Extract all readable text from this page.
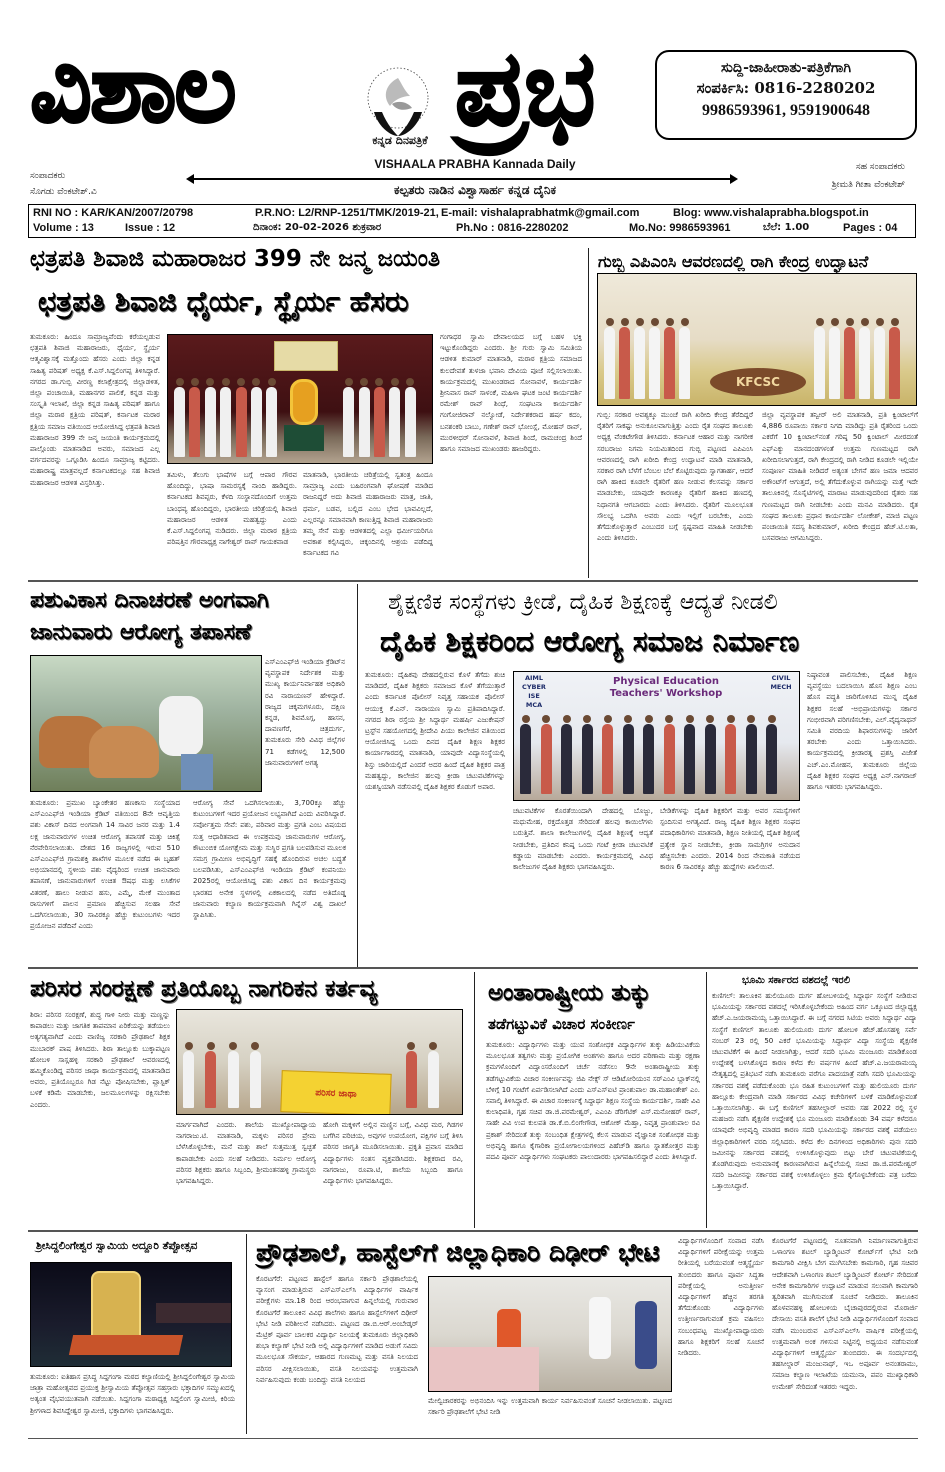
ವಿಶಾಲ	ಕನ್ನಡ ದಿನಪತ್ರಿಕೆ ಪ್ರಭ	ಸುದ್ದಿ-ಜಾಹೀರಾತು-ಪತ್ರಿಕೆಗಾಗಿ
ಸಂಪರ್ಕಿಸಿ: 0816-2280202
9986593961, 9591900648
VISHAALA PRABHA Kannada Daily
ಕಲ್ಪತರು ನಾಡಿನ ವಿಶ್ವಾಸಾರ್ಹ ಕನ್ನಡ ದೈನಿಕ
ಸಂಪಾದಕರು
ಸೊಗಡು ವೆಂಕಟೇಶ್.ವಿ
ಸಹ ಸಂಪಾದಕರು
ಶ್ರೀಮತಿ ಗೀತಾ ವೆಂಕಟೇಶ್
RNI NO : KAR/KAN/2007/20798	P.R.NO: L2/RNP-1251/TMK/2019-21, E-mail: vishalaprabhatmk@gmail.com	Blog: www.vishalaprabha.blogspot.in
Volume : 13	Issue : 12	ದಿನಾಂಕ: 20-02-2026 ಶುಕ್ರವಾರ	Ph.No : 0816-2280202	Mo.No: 9986593961	ಬೆಲೆ: 1.00	Pages : 04
ಛತ್ರಪತಿ ಶಿವಾಜಿ ಮಹಾರಾಜರ 399 ನೇ ಜನ್ಮ ಜಯಂತಿ
ಛತ್ರಪತಿ ಶಿವಾಜಿ ಧೈರ್ಯ, ಸ್ಥೈರ್ಯ ಹೆಸರು
ತುಮಕೂರು: ಹಿಂದೂ ಸಾಮ್ರಾಜ್ಯವೆಂದು ಕರೆಯಲ್ಪಡುವ ಛತ್ರಪತಿ ಶಿವಾಜಿ ಮಹಾರಾಜರು, ಧೈರ್ಯ, ಸ್ಥೈರ್ಯ ಆತ್ಮವಿಶ್ವಾಸಕ್ಕೆ ಮತ್ತೊಂದು ಹೆಸರು ಎಂದು ಜಿಲ್ಲಾ ಕನ್ನಡ ಸಾಹಿತ್ಯ ಪರಿಷತ್ ಅಧ್ಯಕ್ಷ ಕೆ.ಎಸ್.ಸಿದ್ದಲಿಂಗಪ್ಪ ತಿಳಿಸಿದ್ದಾರೆ. ನಗರದ ಡಾ.ಗುಬ್ಬಿ ವೀರಣ್ಣ ಕಲಾಕ್ಷೇತ್ರದಲ್ಲಿ ಜಿಲ್ಲಾಡಳಿತ, ಜಿಲ್ಲಾ ಪಂಚಾಯಿತಿ, ಮಹಾನಗರ ಪಾಲಿಕೆ, ಕನ್ನಡ ಮತ್ತು ಸಂಸ್ಕೃತಿ ಇಲಾಖೆ, ಜಿಲ್ಲಾ ಕನ್ನಡ ಸಾಹಿತ್ಯ ಪರಿಷತ್ ಹಾಗೂ ಜಿಲ್ಲಾ ಮರಾಠ ಕ್ಷತ್ರಿಯ ಪರಿಷತ್, ಕರ್ನಾಟಕ ಮರಾಠ ಕ್ಷತ್ರಿಯ ಸಮಾಜ ವತಿಯಿಂದ ಆಯೋಜಿಸಿದ್ದ ಛತ್ರಪತಿ ಶಿವಾಜಿ ಮಹಾರಾಜರ 399 ನೇ ಜನ್ಮ ಜಯಂತಿ ಕಾರ್ಯಕ್ರಮದಲ್ಲಿ ಪಾಲ್ಗೊಂಡು ಮಾತನಾಡಿದ ಅವರು, ಸಮಾಜದ ಎಲ್ಲ ವರ್ಗದವರನ್ನು ಒಗ್ಗೂಡಿಸಿ ಹಿಂದೂ ಸಾಮ್ರಾಜ್ಯ ಕಟ್ಟಿದರು. ಮಹಾರಾಷ್ಟ್ರ ಮಾತ್ರವಲ್ಲದೆ ಕರ್ನಾಟಕದಲ್ಲೂ ಸಹ ಶಿವಾಜಿ ಮಹಾರಾಜರ ಆಡಳಿತ ವಿಸ್ತರಿಸಿತ್ತು.
ತಮಿಳು, ತೆಲುಗು ಭಾಷೆಗಳ ಬಗ್ಗೆ ಆಪಾರ ಗೌರವ ಹೊಂದಿದ್ದು, ಭಾಷಾ ಸಾಮರಸ್ಯಕ್ಕೆ ನಾಂದಿ ಹಾಡಿದ್ದರು. ಕರ್ನಾಟಕದ ಶಿವಪ್ಪರು, ಕೆಳದಿ ಸಂಸ್ಥಾನದೊಂದಿಗೆ ಉತ್ತಮ ಬಾಂಧವ್ಯ ಹೊಂದಿದ್ದರು, ಭಾರತೀಯ ಚರಿತ್ರೆಯಲ್ಲಿ ಶಿವಾಜಿ ಮಹಾರಾಜರ ಆಡಳಿತ ಮಹತ್ವದ್ದು ಎಂದು ಕೆ.ಎಸ್.ಸಿದ್ದಲಿಂಗಪ್ಪ ನುಡಿದರು. ಜಿಲ್ಲಾ ಮರಾಠ ಕ್ಷತ್ರಿಯ ಪರಿಷತ್ತಿನ ಗೌರವಾಧ್ಯಕ್ಷ ನಾಗೇಶ್ವರ್ ರಾವ್ ಗಾಯಕವಾಡ
ಮಾತನಾಡಿ, ಭಾರತೀಯ ಚರಿತ್ರೆಯಲ್ಲಿ ಸ್ವತಂತ್ರ ಹಿಂದೂ ಸಾಮ್ರಾಜ್ಯ ಎಂದು ಬಹಿರಂಗವಾಗಿ ಘೋಷಣೆ ಮಾಡಿದ ರಾಜನಿದ್ದರೆ ಅದು ಶಿವಾಜಿ ಮಹಾರಾಜರು ಮಾತ್ರ, ಜಾತಿ, ಧರ್ಮ, ಬಡವ, ಬಲ್ಲಿದ ಎಂಬ ಭೇದ ಭಾವವಿಲ್ಲದೆ, ಎಲ್ಲರನ್ನೂ ಸಮಾನವಾಗಿ ಕಾಣುತ್ತಿದ್ದ ಶಿವಾಜಿ ಮಹಾರಾಜರು ತಮ್ಮ ಸೇನೆ ಮತ್ತು ಆಡಳಿತದಲ್ಲಿ ಎಲ್ಲಾ ಧರ್ಮೀಯರಿಗೂ ಅವಕಾಶ ಕಲ್ಪಿಸಿದ್ದರು, ಚಿಕ್ಕಂದಿನಲ್ಲಿ ಆಶ್ರಯ ಪಡೆದಿದ್ದ ಕರ್ನಾಟಕದ ಗವಿ
ಗಂಗಾಧರ ಸ್ವಾಮಿ ದೇವಾಲಯದ ಬಗ್ಗೆ ಬಹಳ ಭಕ್ತಿ ಇಟ್ಟುಕೊಂಡಿದ್ದರು ಎಂದರು. ಶ್ರೀ ಗುರು ಸ್ವಾಮಿ ಸಮಿತಿಯ ಆಡಳಿತ ಕುಮಾರ್ ಮಾತನಾಡಿ, ಮರಾಠ ಕ್ಷತ್ರಿಯ ಸಮಾಜದ ಕುಲದೇವತೆ ತುಳಜಾ ಭವಾನಿ ದೇವಿಯ ಪೂಜೆ ಸಲ್ಲಿಸಲಾಯಿತು. ಕಾರ್ಯಕ್ರಮದಲ್ಲಿ ಮುಖಂಡರಾದ ಸೋನಾವಳೆ, ಕಾರ್ಯದರ್ಶಿ ಶ್ರೀನಿವಾಸ ರಾವ್ ಸಾಳಂಕೆ, ಮಹಿಳಾ ಘಟಕ ಜಂಟಿ ಕಾರ್ಯದರ್ಶಿ ರಮೇಶ್ ರಾವ್ ಶಿಂಧೆ, ಸಂಘಟನಾ ಕಾರ್ಯದರ್ಶಿ ಗಂಗೋಜಿರಾವ್ ನಲ್ವೋಡೆ, ನಿರ್ದೇಶಕರಾದ ಹರ್ಷ ಕದಂ, ಬನಶಂಕರಿ ಬಾಬು, ಗಣೇಶ್ ರಾವ್ ಭೋಂಸ್ಲೆ, ಮೋಹನ್ ರಾವ್, ಮುರಳೀಧರ್ ಸೋನಾವಳೆ, ಶಿವಾಜಿ ಶಿಂದೆ, ರಾಮಚಂದ್ರ ಶಿಂದೆ ಹಾಗೂ ಸಮಾಜದ ಮುಖಂಡರು ಹಾಜರಿದ್ದರು.
ಗುಬ್ಬಿ ಎಪಿಎಂಸಿ ಆವರಣದಲ್ಲಿ ರಾಗಿ ಕೇಂದ್ರ ಉದ್ಘಾಟನೆ
KFCSC
ಗುಬ್ಬಿ: ಸರಕಾರ ಅವಶ್ಯಕ್ಕೂ ಮುಂಚೆ ರಾಗಿ ಖರೀದಿ ಕೇಂದ್ರ ತೆರೆದಿದ್ದರೆ ರೈತರಿಗೆ ಸಾಕಷ್ಟು ಅನುಕೂಲವಾಗುತ್ತಿತ್ತು ಎಂದು ರೈತ ಸಂಘದ ತಾಲೂಕು ಅಧ್ಯಕ್ಷ ವೆಂಕಟೇಗೌಡ ತಿಳಿಸಿದರು. ಕರ್ನಾಟಕ ಆಹಾರ ಮತ್ತು ನಾಗರೀಕ ಸರಬರಾಜು ನಿಗಮ ನಿಯಮಿತದಿಂದ ಗುಬ್ಬಿ ಪಟ್ಟಣದ ಎಪಿಎಂಸಿ ಆವರಣದಲ್ಲಿ ರಾಗಿ ಖರೀದಿ ಕೇಂದ್ರ ಉದ್ಘಾಟನೆ ಮಾಡಿ ಮಾತನಾಡಿ, ಸರಕಾರ ರಾಗಿ ಬೆಳೆಗೆ ಬೆಂಬಲ ಬೆಲೆ ಕೊಟ್ಟಿರುವುದು ಸ್ವಾಗತಾರ್ಹ, ಆದರೆ ರಾಗಿ ಹಾಕಿದ ಕೂಡಲೇ ರೈತರಿಗೆ ಹಣ ನೀಡುವ ಕೆಲಸವನ್ನು ಸರ್ಕಾರ ಮಾಡಬೇಕು, ಯಾವುದೇ ಕಾರಣಕ್ಕೂ ರೈತರಿಗೆ ಹಾಕಿದ ಹಣದಲ್ಲಿ ನಿಧಾನಗತಿ ಆಗಬಾರದು ಎಂದು ತಿಳಿಸಿದರು. ರೈತರಿಗೆ ಮೂಲಭೂತ ಸೌಲಭ್ಯ ಒದಗಿಸಿ ಅವರು ಎಂದು ಇಲ್ಲಿಗೆ ಬರಬೇಕು, ಎಂದು ತೆಗೆದುಕೊಳ್ಳುತ್ತಾರೆ ಎಂಬುದರ ಬಗ್ಗೆ ಸ್ಪಷ್ಟವಾದ ಮಾಹಿತಿ ನೀಡಬೇಕು ಎಂದು ತಿಳಿಸಿದರು.
ಜಿಲ್ಲಾ ವ್ಯವಸ್ಥಾಪಕ ತನ್ವೀರ್ ಅಲಿ ಮಾತನಾಡಿ, ಪ್ರತಿ ಕ್ವಿಂಟಾಲ್‌ಗೆ 4,886 ರೂಪಾಯಿ ಸರ್ಕಾರ ನಿಗದಿ ಮಾಡಿದ್ದು ಪ್ರತಿ ರೈತರಿಂದ ಒಂದು ಎಕರೆಗೆ 10 ಕ್ವಿಂಟಾಲ್‌ನಂತೆ ಗರಿಷ್ಠ 50 ಕ್ವಿಂಟಾಲ್ ಮೀರದಂತೆ ಎಫ್‌ಎಕ್ಯು ಮಾನದಂಡಗಳಂತೆ ಉತ್ತಮ ಗುಣಮಟ್ಟದ ರಾಗಿ ಖರೀದಿಸಲಾಗುತ್ತದೆ, ರಾಗಿ ಕೇಂದ್ರದಲ್ಲಿ ರಾಗಿ ನೀಡಿದ ಕೂಡಲೇ ಇಲ್ಲಿಯೇ ಸಂಪೂರ್ಣ ಮಾಹಿತಿ ನೀಡಿದರೆ ಅತ್ಯಂತ ಬೇಗನೆ ಹಣ ಜಮಾ ಆದವರ ಅಕೌಂಟ್‌ಗೆ ಆಗುತ್ತದೆ, ಅಲ್ಲಿ ತೆಗೆದುಕೊಳ್ಳುವ ರಾಗಿಯನ್ನು ಮತ್ತೆ ಇದೇ ತಾಲೂಕಿನಲ್ಲಿ ಸೊಸೈಟಿಗಳಲ್ಲಿ ಮಾರಾಟ ಮಾಡುವುದರಿಂದ ರೈತರು ಸಹ ಗುಣಮಟ್ಟದ ರಾಗಿ ನೀಡಬೇಕು ಎಂದು ಮನವಿ ಮಾಡಿದರು. ರೈತ ಸಂಘದ ತಾಲೂಕು ಪ್ರಧಾನ ಕಾರ್ಯದರ್ಶಿ ಲೋಕೇಶ್, ಮಾಜಿ ಪಟ್ಟಣ ಪಂಚಾಯಿತಿ ಸದಸ್ಯ ಶಿವಕುಮಾರ್, ಖರೀದಿ ಕೇಂದ್ರದ ಹೆಚ್.ಟಿ.ಲತಾ, ಬಸವರಾಜು ಆಗಮಿಸಿದ್ದರು.
ಪಶುವಿಕಾಸ ದಿನಾಚರಣೆ ಅಂಗವಾಗಿ
ಜಾನುವಾರು ಆರೋಗ್ಯ ತಪಾಸಣೆ
ಎಸ್‌ಎಂಎಫ್‌ಜಿ ಇಂಡಿಯಾ ಕ್ರೆಡಿಟ್‌ನ ವ್ಯವಸ್ಥಾಪಕ ನಿರ್ದೇಶಕ ಮತ್ತು ಮುಖ್ಯ ಕಾರ್ಯನಿರ್ವಾಹಕ ಅಧಿಕಾರಿ ರವಿ ನಾರಾಯಣನ್ ಹೇಳಿದ್ದಾರೆ. ರಾಜ್ಯದ ಚಿಕ್ಕಮಗಳೂರು, ದಕ್ಷಿಣ ಕನ್ನಡ, ಶಿವಮೊಗ್ಗ, ಹಾಸನ, ದಾವಣಗೆರೆ, ಚಿತ್ರದುರ್ಗ, ತುಮಕೂರು ಸೇರಿ ವಿವಿಧ ಜಿಲ್ಲೆಗಳ 71 ಕಡೆಗಳಲ್ಲಿ 12,500 ಜಾನುವಾರುಗಳಿಗೆ ಅಗತ್ಯ
ತುಮಕೂರು: ಪ್ರಮುಖ ಬ್ಯಾಂಕೇತರ ಹಣಕಾಸು ಸಂಸ್ಥೆಯಾದ ಎಸ್‌ಎಂಎಫ್‌ಜಿ ಇಂಡಿಯಾ ಕ್ರೆಡಿಟ್ ವತಿಯಿಂದ 8ನೇ ಆವೃತ್ತಿಯ ಪಶು ವಿಕಾಸ್ ದಿನದ ಅಂಗವಾಗಿ 14 ಸಾವಿರ ಜನರ ಮತ್ತು 1.4 ಲಕ್ಷ ಜಾನುವಾರುಗಳ ಉಚಿತ ಆರೋಗ್ಯ ತಪಾಸಣೆ ಮತ್ತು ಚಿಕಿತ್ಸೆ ನೆರವೇರಿಸಲಾಯಿತು. ದೇಶದ 16 ರಾಜ್ಯಗಳಲ್ಲಿ ಇರುವ 510 ಎಸ್‌ಎಂಎಫ್‌ಜಿ ಗ್ರಾಮಶಕ್ತಿ ಶಾಖೆಗಳ ಮೂಲಕ ನಡೆದ ಈ ಬೃಹತ್ ಅಭಿಯಾನದಲ್ಲಿ ಸ್ಥಳೀಯ ಪಶು ವೈದ್ಯರಿಂದ ಉಚಿತ ಜಾನುವಾರು ತಪಾಸಣೆ, ಜಾನುವಾರುಗಳಿಗೆ ಉಚಿತ ಔಷಧ ಮತ್ತು ಲಸಿಕೆಗಳ ವಿತರಣೆ, ಹಾಲು ನೀಡುವ ಹಸು, ಎಮ್ಮೆ, ಮೇಕೆ ಮುಂತಾದ ರಾಸುಗಳಿಗೆ ಪಾಲನ ಪ್ರಮಾಣ ಹೆಚ್ಚಿಸುವ ಸಲಹಾ ಸೇವೆ ಒದಗಿಸಲಾಯಿತು, 30 ಸಾವಿರಕ್ಕೂ ಹೆಚ್ಚು ಕುಟುಂಬಗಳು ಇದರ ಪ್ರಯೋಜನ ಪಡೆದಿವೆ ಎಂದು
ಆರೋಗ್ಯ ಸೇವೆ ಒದಗಿಸಲಾಯಿತು, 3,700ಕ್ಕೂ ಹೆಚ್ಚು ಕುಟುಂಬಗಳಿಗೆ ಇದರ ಪ್ರಯೋಜನ ಲಭ್ಯವಾಗಿದೆ ಎಂದು ವಿವರಿಸಿದ್ದಾರೆ. ಸರ್ವೋತ್ತಮ ಸೇವೆ: ಪಶು, ಪರಿವಾರ ಮತ್ತು ಪ್ರಗತಿ ಎಂಬ ವಿಷಯದ ಸುತ್ತ ಆಧಾರಿತವಾದ ಈ ಉಪಕ್ರಮವು ಜಾನುವಾರುಗಳ ಆರೋಗ್ಯ, ಕೌಟುಂಬಿಕ ಯೋಗಕ್ಷೇಮ ಮತ್ತು ಸುಸ್ಥಿರ ಪ್ರಗತಿ ಬಲಪಡಿಸುವ ಮೂಲಕ ಸಮಗ್ರ ಗ್ರಾಮೀಣ ಅಭಿವೃದ್ಧಿಗೆ ಸಹಕ್ಕೆ ಹೊಂದಿರುವ ಅಚಲ ಬದ್ಧತೆ ಬಲಪಡಿಸಿತು, ಎಸ್‌ಎಂಎಫ್‌ಜಿ ಇಂಡಿಯಾ ಕ್ರೆಡಿಟ್ ಕಂಪನಿಯು 2025ರಲ್ಲಿ ಆಯೋಜಿಸಿದ್ದ ಪಶು ವಿಕಾಸ ದಿನ ಕಾರ್ಯಕ್ರಮವು ಭಾರತದ ಅನೇಕ ಸ್ಥಳಗಳಲ್ಲಿ ಏಕಕಾಲದಲ್ಲಿ ನಡೆದ ಅತಿದೊಡ್ಡ ಜಾನುವಾರು ಕಲ್ಯಾಣ ಕಾರ್ಯಕ್ರಮವಾಗಿ ಗಿನ್ನೆಸ್ ವಿಶ್ವ ದಾಖಲೆ ಸ್ಥಾಪಿಸಿತು.
ಶೈಕ್ಷಣಿಕ ಸಂಸ್ಥೆಗಳು ಕ್ರೀಡೆ, ದೈಹಿಕ ಶಿಕ್ಷಣಕ್ಕೆ ಆದ್ಯತೆ ನೀಡಲಿ
ದೈಹಿಕ ಶಿಕ್ಷಕರಿಂದ ಆರೋಗ್ಯ ಸಮಾಜ ನಿರ್ಮಾಣ
ತುಮಕೂರು: ದೈಹಿಕವು ದೇಹದಲ್ಲಿರುವ ಕೊಳೆ ತೆಗೆದು ಶುಚಿ ಮಾಡಿದರೆ, ದೈಹಿಕ ಶಿಕ್ಷಕರು ಸಮಾಜದ ಕೊಳೆ ತೆಗೆಯುತ್ತಾರೆ ಎಂದು ಕರ್ನಾಟಕ ಪೊಲೀಸ್ ನಿವೃತ್ತ ಸಹಾಯಕ ಪೊಲೀಸ್ ಆಯುಕ್ತ ಕೆ.ಎನ್. ನಾರಾಯಣ ಸ್ವಾಮಿ ಪ್ರತಿಪಾದಿಸಿದ್ದಾರೆ. ನಗರದ ಶಿರಾ ರಸ್ತೆಯ ಶ್ರೀ ಸಿದ್ಧಾರ್ಥ ಮಹರ್ಷಿ ಎಜುಕೇಷನ್ ಟ್ರಸ್ಟ್‌ನ ಸಹಯೋಗದಲ್ಲಿ ಶ್ರೀದೇವಿ ಪಿಯು ಕಾಲೇಜಿನ ವತಿಯಿಂದ ಆಯೋಜಿಸಿದ್ದ ಒಂದು ದಿನದ ದೈಹಿಕ ಶಿಕ್ಷಣ ಶಿಕ್ಷಕರ ಕಾರ್ಯಾಗಾರದಲ್ಲಿ ಮಾತನಾಡಿ, ಯಾವುದೇ ವಿದ್ಯಾಸಂಸ್ಥೆಯಲ್ಲಿ ಶಿಸ್ತು ಜಾರಿಯಲ್ಲಿದೆ ಎಂದರೆ ಅದರ ಹಿಂದೆ ದೈಹಿಕ ಶಿಕ್ಷಕರ ಪಾತ್ರ ಮಹತ್ವದ್ದು, ಕಾಲೇಜಿನ ಹಲವು ಕ್ರೀಡಾ ಚಟುವಟಿಕೆಗಳನ್ನು ಯಶಸ್ವಿಯಾಗಿ ನಡೆಸುವಲ್ಲಿ ದೈಹಿಕ ಶಿಕ್ಷಕರ ಕೊಡುಗೆ ಅಪಾರ.
AIML
CYBER
ISE
MCA
Physical Education
Teachers' Workshop
CIVIL
MECH
ಚಟುವಟಿಕೆಗಳ ಕೊರತೆಯಿಂದಾಗಿ ದೇಹದಲ್ಲಿ ಬೊಜ್ಜು, ಮಧುಮೇಹ, ರಕ್ತದೊತ್ತಡ ಸೇರಿದಂತೆ ಹಲವು ಕಾಯಿಲೆಗಳು ಬರುತ್ತಿವೆ. ಶಾಲಾ ಕಾಲೇಜುಗಳಲ್ಲಿ ದೈಹಿಕ ಶಿಕ್ಷಣಕ್ಕೆ ಆದ್ಯತೆ ನೀಡಬೇಕು, ಪ್ರತಿದಿನ ಕನಿಷ್ಠ ಒಂದು ಗಂಟೆ ಕ್ರೀಡಾ ಚಟುವಟಿಕೆ ಕಡ್ಡಾಯ ಮಾಡಬೇಕು ಎಂದರು. ಕಾರ್ಯಕ್ರಮದಲ್ಲಿ ವಿವಿಧ ಕಾಲೇಜುಗಳ ದೈಹಿಕ ಶಿಕ್ಷಕರು ಭಾಗವಹಿಸಿದ್ದರು.
ಬೇಡಿಕೆಗಳನ್ನು ದೈಹಿಕ ಶಿಕ್ಷಕರಿಗೆ ಮತ್ತು ಅವರ ಸಮಸ್ಯೆಗಳಿಗೆ ಸ್ಪಂದಿಸುವ ಅಗತ್ಯವಿದೆ. ರಾಜ್ಯ ದೈಹಿಕ ಶಿಕ್ಷಣ ಶಿಕ್ಷಕರ ಸಂಘದ ಪದಾಧಿಕಾರಿಗಳು ಮಾತನಾಡಿ, ಶಿಕ್ಷಣ ನೀತಿಯಲ್ಲಿ ದೈಹಿಕ ಶಿಕ್ಷಣಕ್ಕೆ ಪ್ರತ್ಯೇಕ ಸ್ಥಾನ ನೀಡಬೇಕು, ಕ್ರೀಡಾ ಸಾಮಗ್ರಿಗಳ ಅನುದಾನ ಹೆಚ್ಚಿಸಬೇಕು ಎಂದರು. 2014 ರಿಂದ ನೇಮಕಾತಿ ನಡೆಯದ ಕಾರಣ 6 ಸಾವಿರಕ್ಕೂ ಹೆಚ್ಚು ಹುದ್ದೆಗಳು ಖಾಲಿಯಿವೆ.
ನಿಷ್ಠಾವಂತ ಪಾಲಿಸಬೇಕು, ದೈಹಿಕ ಶಿಕ್ಷಣ ವ್ಯವಸ್ಥೆಯು ಬದಲಾಯಿಸಿ ಹೊಸ ಶಿಕ್ಷಣ ಎಂಬ ಹೊಸ ಪದ್ಧತಿ ಜಾರಿಗೊಳಿಸಿದ ಮುನ್ನ ದೈಹಿಕ ಶಿಕ್ಷಕರ ಸಲಹೆ -ಅಭಿಪ್ರಾಯಗಳನ್ನು ಸರ್ಕಾರ ಗಂಭೀರವಾಗಿ ಪರಿಗಣಿಸಬೇಕು, ಎಲ್.ವೈದ್ಯನಾಥನ್ ಸಮಿತಿ ವರದಿಯ ಶಿಫಾರಸುಗಳನ್ನು ಜಾರಿಗೆ ತರಬೇಕು ಎಂದು ಒತ್ತಾಯಿಸಿದರು. ಕಾರ್ಯಕ್ರಮದಲ್ಲಿ ಕ್ರೀಡಾರತ್ನ ಪ್ರಶಸ್ತಿ ವಿಜೇತೆ ಎಚ್.ಎಂ.ಮೋಹನ, ತುಮಕೂರು ಜಿಲ್ಲೆಯ ದೈಹಿಕ ಶಿಕ್ಷಕರ ಸಂಘದ ಅಧ್ಯಕ್ಷ ಎನ್.ನಾಗರಾಜ್ ಹಾಗೂ ಇತರರು ಭಾಗವಹಿಸಿದ್ದರು.
ಪರಿಸರ ಸಂರಕ್ಷಣೆ ಪ್ರತಿಯೊಬ್ಬ ನಾಗರಿಕನ ಕರ್ತವ್ಯ
ಶಿರಾ: ಪರಿಸರ ಸಂರಕ್ಷಣೆ, ಶುದ್ಧ ಗಾಳಿ ನೀರು ಮತ್ತು ಮಣ್ಣನ್ನು ಕಾಪಾಡಲು ಮತ್ತು ಜಾಗತಿಕ ತಾಪಮಾನ ಏರಿಕೆಯನ್ನು ತಡೆಯಲು ಅತ್ಯಗತ್ಯವಾಗಿದೆ ಎಂದು ವಾಣಿಜ್ಯ ಸರಕಾರಿ ಪ್ರೌಢಶಾಲೆ ಶಿಕ್ಷಕ ಮುಬಾರಕ್ ಪಾಷ ತಿಳಿಸಿದರು. ಶಿರಾ ತಾಲ್ಲೂಕು ಬುಕ್ಕಾಪಟ್ಟಣ ಹೋಬಳಿ ಸಾಸ್ಲಹಳ್ಳಿ ಸರಕಾರಿ ಪ್ರೌಢಶಾಲೆ ಆವರಣದಲ್ಲಿ ಹಮ್ಮಿಕೊಂಡಿದ್ದ ಪರಿಸರ ಜಾಥಾ ಕಾರ್ಯಕ್ರಮದಲ್ಲಿ ಮಾತನಾಡಿದ ಅವರು, ಪ್ರತಿಯೊಬ್ಬರೂ ಗಿಡ ನೆಟ್ಟು ಪೋಷಿಸಬೇಕು, ಪ್ಲಾಸ್ಟಿಕ್ ಬಳಕೆ ಕಡಿಮೆ ಮಾಡಬೇಕು, ಜಲಮೂಲಗಳನ್ನು ರಕ್ಷಿಸಬೇಕು ಎಂದರು.
ಪರಿಸರ ಜಾಥಾ
ಮಾರ್ಗವಾಗಿದೆ ಎಂದರು. ಶಾಲೆಯ ಮುಖ್ಯೋಪಾಧ್ಯಾಯ ನಾಗರಾಜು.ಟಿ. ಮಾತನಾಡಿ, ಮಕ್ಕಳು ಪರಿಸರ ಪ್ರೇಮ ಬೆಳೆಸಿಕೊಳ್ಳಬೇಕು, ಮನೆ ಮತ್ತು ಶಾಲೆ ಸುತ್ತಮುತ್ತ ಸ್ವಚ್ಛತೆ ಕಾಪಾಡಬೇಕು ಎಂದು ಸಲಹೆ ನೀಡಿದರು. ನಿರ್ಮಲ ಆರೋಗ್ಯ ಪರಿಸರ ಶಿಕ್ಷಕರು ಹಾಗೂ ಸಿಬ್ಬಂದಿ, ಶ್ರೀಮಂತನಹಳ್ಳಿ ಗ್ರಾಮಸ್ಥರು ಭಾಗವಹಿಸಿದ್ದರು.
ಹೋಗಿ ಮಕ್ಕಳಿಗೆ ಅಲ್ಲಿನ ಮಣ್ಣಿನ ಬಗ್ಗೆ, ವಿವಿಧ ಮರ, ಗಿಡಗಳ ಬಗೆಗಿನ ಪರಿಚಯ, ಅವುಗಳ ಉಪಯೋಗ, ಪಕ್ಷಿಗಳ ಬಗ್ಗೆ ತಿಳಿಸಿ ಪರಿಸರ ಜಾಗೃತಿ ಮೂಡಿಸಲಾಯಿತು. ಪ್ರಕೃತಿ ಪ್ರವಾಸ ಮಾಡಿದ ವಿದ್ಯಾರ್ಥಿಗಳು ಸಂತಸ ವ್ಯಕ್ತಪಡಿಸಿದರು. ಶಿಕ್ಷಕರಾದ ರವಿ, ನಾಗರಾಜು, ರೂಪಾ.ಟಿ, ಶಾಲೆಯ ಸಿಬ್ಬಂದಿ ಹಾಗೂ ವಿದ್ಯಾರ್ಥಿಗಳು ಭಾಗವಹಿಸಿದ್ದರು.
ಅಂತಾರಾಷ್ಟ್ರೀಯ ತುಕ್ಕು
ತಡೆಗಟ್ಟುವಿಕೆ ವಿಚಾರ ಸಂಕೀರ್ಣ
ತುಮಕೂರು: ವಿದ್ಯಾರ್ಥಿಗಳು ಮತ್ತು ಯುವ ಸಂಶೋಧಕ ವಿದ್ಯಾರ್ಥಿಗಳ ತುಕ್ಕು ಹಿಡಿಯುವಿಕೆಯ ಮೂಲಭೂತ ತತ್ವಗಳು ಮತ್ತು ಪ್ರಯೋಗಿಕ ಅಂಶಗಳು ಹಾಗೂ ಅದರ ಪರಿಣಾಮ ಮತ್ತು ರಕ್ಷಣಾ ಕ್ರಮಗಳೊಂದಿಗೆ ವಿದ್ವಾಂಸರೊಂದಿಗೆ ಚರ್ಚೆ ನಡೆಸಲು 9ನೇ ಅಂತಾರಾಷ್ಟ್ರೀಯ ತುಕ್ಕು ತಡೆಗಟ್ಟುವಿಕೆಯ ವಿಚಾರ ಸಂಕೀರ್ಣವನ್ನು ಜಿಪಿ ನೇಕ್ಸ್ ಸ್ ಆಡಿಟೋರಿಯಂನ ಸರ್‌ಎಂವಿ ಬ್ಲಾಕ್‌ನಲ್ಲಿ ಬೆಳಿಗ್ಗೆ 10 ಗಂಟೆಗೆ ಏರ್ಪಡಿಸಲಾಗಿದೆ ಎಂದು ಎಸ್‌ಎಸ್‌ಐಟಿ ಪ್ರಾಂಶುಪಾಲ ಡಾ.ಮಹಾಂತೇಶ್ ಎಂ. ಸವಾಲ್ಕಿ ತಿಳಿಸಿದ್ದಾರೆ. ಈ ವಿಚಾರ ಸಂಕೀರ್ಣಕ್ಕೆ ಸಿದ್ಧಾರ್ಥ ಶಿಕ್ಷಣ ಸಂಸ್ಥೆಯ ಕಾರ್ಯದರ್ಶಿ, ಸಾಹೇ ವಿವಿ ಕುಲಾಧಿಪತಿ, ಗೃಹ ಸಚಿವ ಡಾ.ಜಿ.ಪರಮೇಶ್ವರ್, ಎಎಂಪಿ ಡೆರಿಗೆಟಿಕ್ ಎಸ್.ಮನೋಹರ್ ರಾವ್, ಸಾಹೇ ವಿವಿ ಉಪ ಕುಲಪತಿ ಡಾ.ಕೆ.ಬಿ.ಲಿಂಗೇಗೌಡ, ಆಶೋಕ್ ಮೆಹ್ತಾ, ನಿವೃತ್ತ ಪ್ರಾಂಶುಪಾಲ ರವಿ ಪ್ರಕಾಶ್ ಸೇರಿದಂತೆ ತುಕ್ಕು ಸಂಬಂಧಿತ ಕ್ಷೇತ್ರಗಳಲ್ಲಿ ಕೆಲಸ ಮಾಡುವ ವೈಜ್ಞಾನಿಕ ಸಂಶೋಧಕ ಮತ್ತು ಅಭಿವೃದ್ಧಿ ಹಾಗೂ ಕೈಗಾರಿಕಾ ಪ್ರಯೋಗಾಲಯಗಳಿಂದ ಪಿಹೆಚ್‌ಡಿ ಹಾಗೂ ಸ್ನಾತಕೋತ್ತರ ಮತ್ತು ಪದವಿ ಪೂರ್ವ ವಿದ್ಯಾರ್ಥಿಗಳು ಸಂಘಟಕರು ಪಾಲುದಾರರು ಭಾಗವಹಿಸಲಿದ್ದಾರೆ ಎಂದು ತಿಳಿಸಿದ್ದಾರೆ.
ಭೂಮಿ ಸರ್ಕಾರದ ವಶದಲ್ಲೆ ಇರಲಿ
ಕುಣಿಗಲ್: ತಾಲೂಕಿನ ಹುಲಿಯೂರು ದುರ್ಗ ಹೋಬಳಿಯಲ್ಲಿ ಸಿದ್ದಾರ್ಥ ಸಂಸ್ಥೆಗೆ ನೀಡಿರುವ ಭೂಮಿಯನ್ನು ಸರ್ಕಾರದ ವಶದಲ್ಲೆ ಇರಿಸಿಕೊಳ್ಳಬೇಕೆಂದು ಅಹಿಂದ ವರ್ಗ ಒಕ್ಕೂಟದ ಜಿಲ್ಲಾಧ್ಯಕ್ಷ ಹೆಚ್.ಎ.ಜಯರಾಮಯ್ಯ ಒತ್ತಾಯಿಸಿದ್ದಾರೆ. ಈ ಬಗ್ಗೆ ನಗರದ ಸಿಟಿಯ ಅವರು ಸಿದ್ದಾರ್ಥ ವಿದ್ಯಾ ಸಂಸ್ಥೆಗೆ ಕುಣಿಗಲ್ ತಾಲೂಕು ಹುಲಿಯೂರು ದುರ್ಗ ಹೋಬಳಿ ಹೆಚ್.ಹೊಸಹಳ್ಳಿ ಸರ್ವೆ ನಂಬರ್ 23 ರಲ್ಲಿ 50 ಎಕರೆ ಭೂಮಿಯನ್ನು ಸಿದ್ದಾರ್ಥ ವಿದ್ಯಾ ಸಂಸ್ಥೆಯ ಶೈಕ್ಷಣಿಕ ಚಟುವಟಿಕೆಗೆ ಈ ಹಿಂದೆ ನೀಡಲಾಗಿತ್ತು, ಆದರೆ ಸದರಿ ಭೂಮಿ ಮಂಜೂರು ಮಾಡಿಕೊಂಡ ಉದ್ದೇಶಕ್ಕೆ ಬಳಸಿಕೊಳ್ಳದ ಕಾರಣ ಕಳೆದ ಕೆಲ ವರ್ಷಗಳ ಹಿಂದೆ ಹೆಚ್.ಎ.ಜಯರಾಮಯ್ಯ ನೇತೃತ್ವದಲ್ಲಿ ಪ್ರತಿಭಟನೆ ನಡೆಸಿ ತುಮಕೂರು ವರೆಗೂ ಪಾದಯಾತ್ರೆ ನಡೆಸಿ ಸದರಿ ಭೂಮಿಯನ್ನು ಸರ್ಕಾರದ ವಶಕ್ಕೆ ಪಡೆದುಕೊಂಡು ಭೂ ರಹಿತ ಕುಟುಂಬಗಳಿಗೆ ಮತ್ತು ಹುಲಿಯೂರು ದುರ್ಗ ಹಾಲ್ಲೂಕು ಕೇಂದ್ರವಾಗಿ ಮಾಡಿ ಸರ್ಕಾರದ ವಿವಿಧ ಕಚೇರಿಗಳಿಗೆ ಬಳಕೆ ಮಾಡಿಕೊಳ್ಳುವಂತೆ ಒತ್ತಾಯಿಸಲಾಗಿತ್ತು. ಈ ಬಗ್ಗೆ ಕುಣಿಗಲ್ ತಹಸೀಲ್ದಾರ್ ಅವರು ಸಹ 2022 ರಲ್ಲಿ ಸ್ಥಳ ಮಹಜರು ನಡೆಸಿ ಶೈಕ್ಷಣಿಕ ಉದ್ದೇಶಕ್ಕೆ ಭೂ ಮಂಜೂರು ಮಾಡಿಕೊಂಡು 34 ವರ್ಷ ಕಳೆದರೂ ಯಾವುದೇ ಅಭಿವೃದ್ಧಿ ಮಾಡದ ಕಾರಣ ಸದರಿ ಭೂಮಿಯನ್ನು ಸರ್ಕಾರದ ವಶಕ್ಕೆ ಪಡೆಯಲು ಜಿಲ್ಲಾಧಿಕಾರಿಗಳಿಗೆ ವರದಿ ಸಲ್ಲಿಸಿದರು. ಕಳೆದ ಕೆಲ ದಿನಗಳಿಂದ ಅಧಿಕಾರಿಗಳು ಪುನಃ ಸದರಿ ಜಮೀನನ್ನು ಸರ್ಕಾರದ ವಶದಲ್ಲಿ ಉಳಿಸಿಕೊಳ್ಳುವುದು ಬಿಟ್ಟು ಬೇರೆ ಚಟುವಟಿಕೆಯಲ್ಲಿ ತೊಡಗಿರುವುದು ಅನುಮಾನಕ್ಕೆ ಕಾರಣವಾಗಿರುವ ಹಿನ್ನೆಲೆಯಲ್ಲಿ ಸಚಿವ ಡಾ.ಜಿ.ಪರಮೇಶ್ವರ್ ಸದರಿ ಜಮೀನನ್ನು ಸರ್ಕಾರದ ವಶಕ್ಕೆ ಉಳಿಸಿಕೊಳ್ಳಲು ಕ್ರಮ ಕೈಗೊಳ್ಳಬೇಕೆಂದು ಪತ್ರ ಬರೆದು ಒತ್ತಾಯಿಸಿದ್ದಾರೆ.
ಶ್ರೀಸಿದ್ದಲಿಂಗೇಶ್ವರ ಸ್ವಾಮಿಯ ಅದ್ದೂರಿ ತೆಪ್ಪೋತ್ಸವ
ತುಮಕೂರು: ಐತಿಹಾಸ ಪ್ರಸಿದ್ಧ ಸಿದ್ದಗಂಗಾ ಮಠದ ಕಲ್ಯಾಣಿಯಲ್ಲಿ ಶ್ರೀಸಿದ್ದಲಿಂಗೇಶ್ವರ ಸ್ವಾಮಿಯ ಜಾತ್ರಾ ಮಹೋತ್ಸವದ ಪ್ರಯುಕ್ತ ಶ್ರೀಸ್ವಾಮಿಯ ತೆಪ್ಪೋತ್ಸವ ಸಹಸ್ರಾರು ಭಕ್ತಾದಿಗಳ ಸಮ್ಮುಖದಲ್ಲಿ ಅತ್ಯಂತ ವೈಭವಯುತವಾಗಿ ನಡೆಯಿತು. ಸಿದ್ದಗಂಗಾ ಮಠಾಧ್ಯಕ್ಷ ಸಿದ್ದಲಿಂಗ ಸ್ವಾಮೀಜಿ, ಕಿರಿಯ ಶ್ರೀಗಳಾದ ಶಿವಸಿದ್ದೇಶ್ವರ ಸ್ವಾಮೀಜಿ, ಭಕ್ತಾದಿಗಳು ಭಾಗವಹಿಸಿದ್ದರು.
ಪ್ರೌಢಶಾಲೆ, ಹಾಸ್ಟೆಲ್‌ಗೆ ಜಿಲ್ಲಾಧಿಕಾರಿ ದಿಢೀರ್ ಭೇಟಿ
ಕೊರಟಗೆರೆ: ಪಟ್ಟಣದ ಹಾಸ್ಟೆಲ್ ಹಾಗೂ ಸರ್ಕಾರಿ ಪ್ರೌಢಶಾಲೆಯಲ್ಲಿ ವ್ಯಾಸಂಗ ಮಾಡುತ್ತಿರುವ ಎಸ್‌ಎಸ್‌ಎಲ್‌ಸಿ ವಿದ್ಯಾರ್ಥಿಗಳ ವಾರ್ಷಿಕ ಪರೀಕ್ಷೆಗಳು ಮಾ.18 ರಿಂದ ಆರಂಭವಾಗುವ ಹಿನ್ನಲೆಯಲ್ಲಿ ಗುರುವಾರ ಕೊರಟಗೆರೆ ತಾಲೂಕಿನ ವಿವಿಧ ಶಾಲೆಗಳು ಹಾಗೂ ಹಾಸ್ಟೆಲ್‌ಗಳಿಗೆ ದಿಢೀರ್ ಭೇಟಿ ನೀಡಿ ಪರಿಶೀಲನೆ ನಡೆಸಿದರು. ಪಟ್ಟಣದ ಡಾ.ಬಿ.ಆರ್.ಅಂಬೇಡ್ಕರ್ ಮೆಟ್ರಿಕ್ ಪೂರ್ವ ಬಾಲಕರ ವಿದ್ಯಾರ್ಥಿ ನಿಲಯಕ್ಕೆ ತುಮಕೂರು ಜಿಲ್ಲಾಧಿಕಾರಿ ಶುಭಾ ಕಲ್ಯಾಣ್ ಭೇಟಿ ನೀಡಿ ಅಲ್ಲಿ ವಿದ್ಯಾರ್ಥಿಗಳಿಗೆ ಮಾಡಿದ ಅಡುಗೆ ಸವಿದು ಮೂಲಭೂತ ಸೌಕರ್ಯ, ಆಹಾರದ ಗುಣಮಟ್ಟ ಮತ್ತು ವಸತಿ ನಿಲಯದ ಪರಿಸರ ವೀಕ್ಷಿಸಲಾಯಿತು, ವಸತಿ ನಿಲಯವನ್ನು ಉತ್ತಮವಾಗಿ ನಿರ್ವಹಿಸುವುದು ಕಂಡು ಬಂದಿದ್ದು ವಸತಿ ನಿಲಯದ
ಮೇಲ್ವಿಚಾರಕರನ್ನು ಅಭಿನಂದಿಸಿ ಇನ್ನು ಉತ್ತಮವಾಗಿ ಕಾರ್ಯ ನಿರ್ವಹಿಸುವಂತೆ ಸೂಚನೆ ನೀಡಲಾಯಿತು. ಪಟ್ಟಣದ ಸರ್ಕಾರಿ ಪ್ರೌಢಶಾಲೆಗೆ ಭೇಟಿ ನೀಡಿ
ವಿದ್ಯಾರ್ಥಿಗಳೊಂದಿಗೆ ಸಂವಾದ ನಡೆಸಿ ವಿದ್ಯಾರ್ಥಿಗಳಿಗೆ ಪರೀಕ್ಷೆಯನ್ನು ಉತ್ತಮ ರೀತಿಯಲ್ಲಿ ಬರೆಯುವಂತೆ ಆತ್ಮಸ್ಥೈರ್ಯ ತುಂಬಿದರು ಹಾಗೂ ಪೂರ್ವ ಸಿದ್ಧತಾ ಪರೀಕ್ಷೆಯಲ್ಲಿ ಅನುತ್ತೀರ್ಣ ವಿದ್ಯಾರ್ಥಿಗಳಿಗೆ ಹೆಚ್ಚಿನ ತರಗತಿ ತೆಗೆದುಕೊಂಡು ವಿದ್ಯಾರ್ಥಿಗಳು ಉತ್ತೀರ್ಣರಾಗುವಂತೆ ಕ್ರಮ ವಹಿಸಲು ಸಂಬಂಧಪಟ್ಟ ಮುಖ್ಯೋಪಾಧ್ಯಾಯರು ಹಾಗೂ ಶಿಕ್ಷಕರಿಗೆ ಸಲಹೆ ಸೂಚನೆ ನೀಡಿದರು.
ಕೊರಟಗೆರೆ ಪಟ್ಟಣದಲ್ಲಿ ನೂತನವಾಗಿ ನಿರ್ಮಾಣವಾಗುತ್ತಿರುವ ಒಳಾಂಗಣ ಶಟಲ್ ಬ್ಯಾಡ್ಮಿಂಟನ್ ಕೋರ್ಟ್‌ಗೆ ಭೇಟಿ ನೀಡಿ ಕಾಮಗಾರಿ ವೀಕ್ಷಿಸಿ ಬೇಗ ಮುಗಿಸಬೇಕು ಕಾಮಗಾರಿ, ಗೃಹ ಸಚಿವರ ಆದೇಶವಾಗಿ ಒಳಾಂಗಣ ಶಟಲ್ ಬ್ಯಾಡ್ಮಿಂಟನ್ ಕೋರ್ಟ್ ಸೇರಿದಂತೆ ಅನೇಕ ಕಾಮಗಾರಿಗಳ ಉದ್ಘಾಟನೆ ಮಾಡುವ ಸಲುವಾಗಿ ಕಾಮಗಾರಿ ತ್ವರಿತವಾಗಿ ಮುಗಿಸುವಂತೆ ಸೂಚನೆ ನೀಡಿದರು. ತಾಲೂಕಿನ ಹೊಳವನಹಳ್ಳಿ ಹೋಬಳಿಯ ಬೈಚಾಪುರದಲ್ಲಿರುವ ಮೊರಾರ್ಜಿ ದೇಸಾಯಿ ವಸತಿ ಶಾಲೆಗೆ ಭೇಟಿ ನೀಡಿ ವಿದ್ಯಾರ್ಥಿಗಳೊಂದಿಗೆ ಸಂವಾದ ನಡೆಸಿ ಮುಂಬರುವ ಎಸ್‌ಎಸ್‌ಎಲ್‌ಸಿ ವಾರ್ಷಿಕ ಪರೀಕ್ಷೆಯಲ್ಲಿ ಉತ್ತಮವಾಗಿ ಅಂಕ ಗಳಿಸುವ ನಿಟ್ಟಿನಲ್ಲಿ ಅಧ್ಯಯನ ನಡೆಸುವಂತೆ ವಿದ್ಯಾರ್ಥಿಗಳಿಗೆ ಆತ್ಮಸ್ಥೈರ್ಯ ತುಂಬಿದರು. ಈ ಸಂದರ್ಭದಲ್ಲಿ ತಹಸೀಲ್ದಾರ್ ಮಂಜುನಾಥ್, ಇಒ ಅಪೂರ್ವ ಅನಂತರಾಮು, ಸಮಾಜ ಕಲ್ಯಾಣ ಇಲಾಖೆಯ ಯಮುನಾ, ಪಪಂ ಮುಖ್ಯಾಧಿಕಾರಿ ಉಮೇಶ್ ಸೇರಿದಂತೆ ಇತರರು ಇದ್ದರು.
